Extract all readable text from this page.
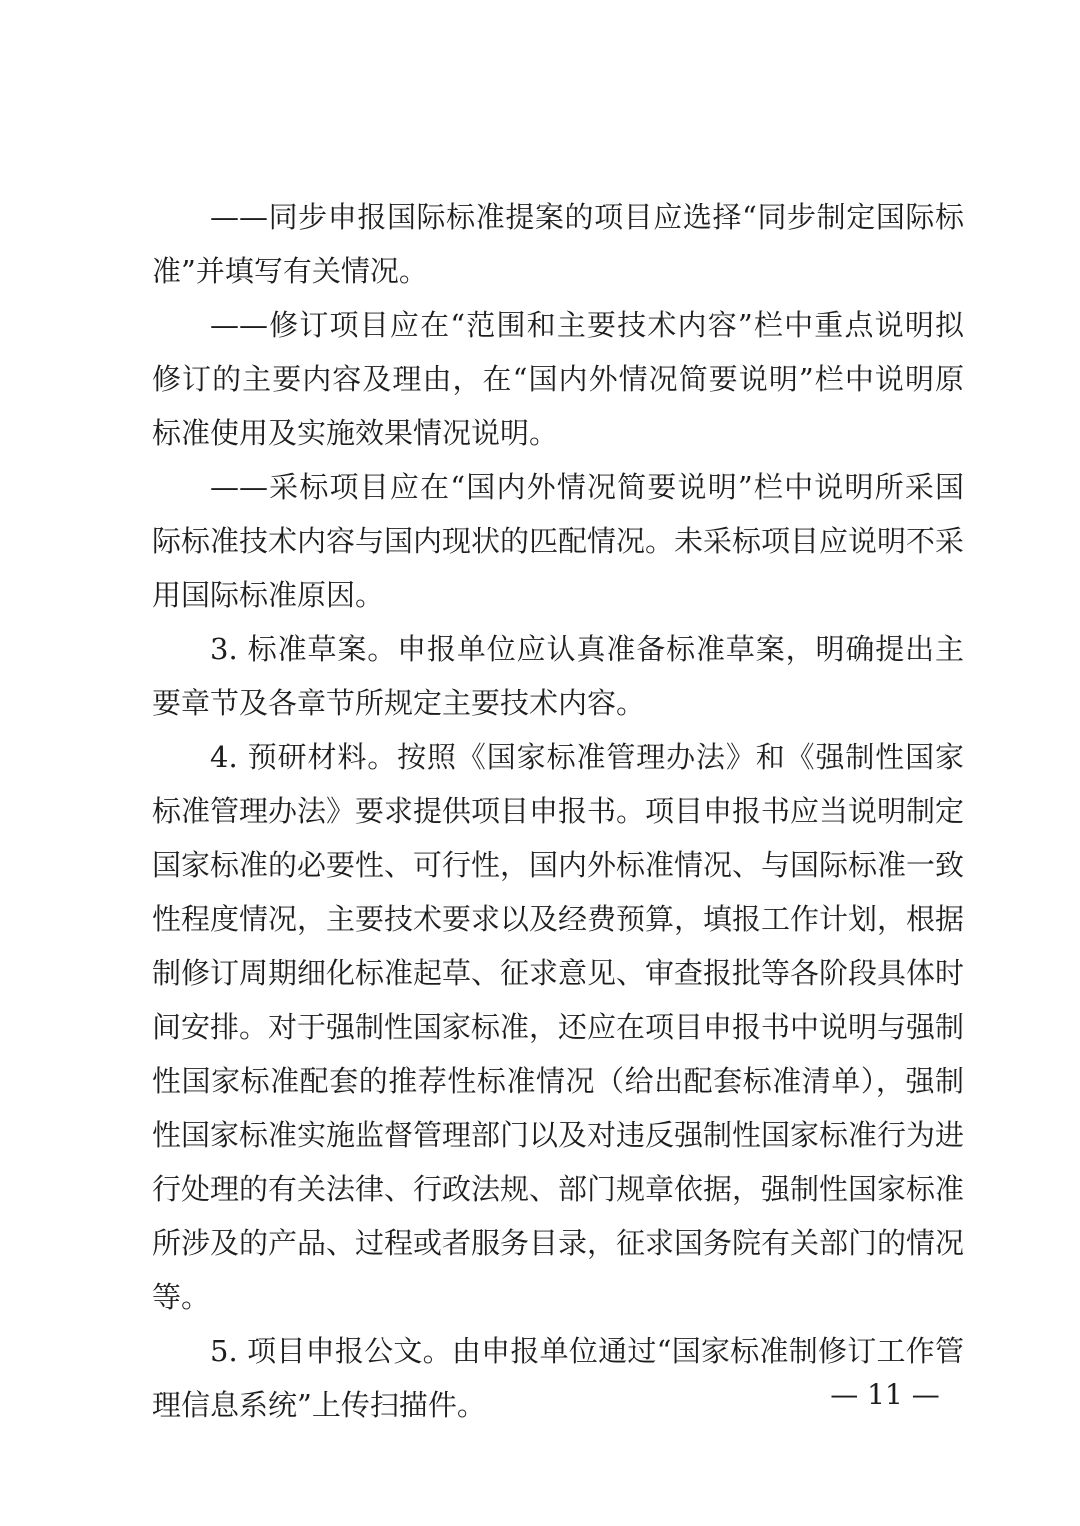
——同步申报国际标准提案的项目应选择“同步制定国际标准”并填写有关情况。

——修订项目应在“范围和主要技术内容”栏中重点说明拟修订的主要内容及理由，在“国内外情况简要说明”栏中说明原标准使用及实施效果情况说明。

——采标项目应在“国内外情况简要说明”栏中说明所采国际标准技术内容与国内现状的匹配情况。未采标项目应说明不采用国际标准原因。

3. 标准草案。申报单位应认真准备标准草案，明确提出主要章节及各章节所规定主要技术内容。

4. 预研材料。按照《国家标准管理办法》和《强制性国家标准管理办法》要求提供项目申报书。项目申报书应当说明制定国家标准的必要性、可行性，国内外标准情况、与国际标准一致性程度情况，主要技术要求以及经费预算，填报工作计划，根据制修订周期细化标准起草、征求意见、审查报批等各阶段具体时间安排。对于强制性国家标准，还应在项目申报书中说明与强制性国家标准配套的推荐性标准情况（给出配套标准清单），强制性国家标准实施监督管理部门以及对违反强制性国家标准行为进行处理的有关法律、行政法规、部门规章依据，强制性国家标准所涉及的产品、过程或者服务目录，征求国务院有关部门的情况等。

5. 项目申报公文。由申报单位通过“国家标准制修订工作管理信息系统”上传扫描件。	— 11 —
